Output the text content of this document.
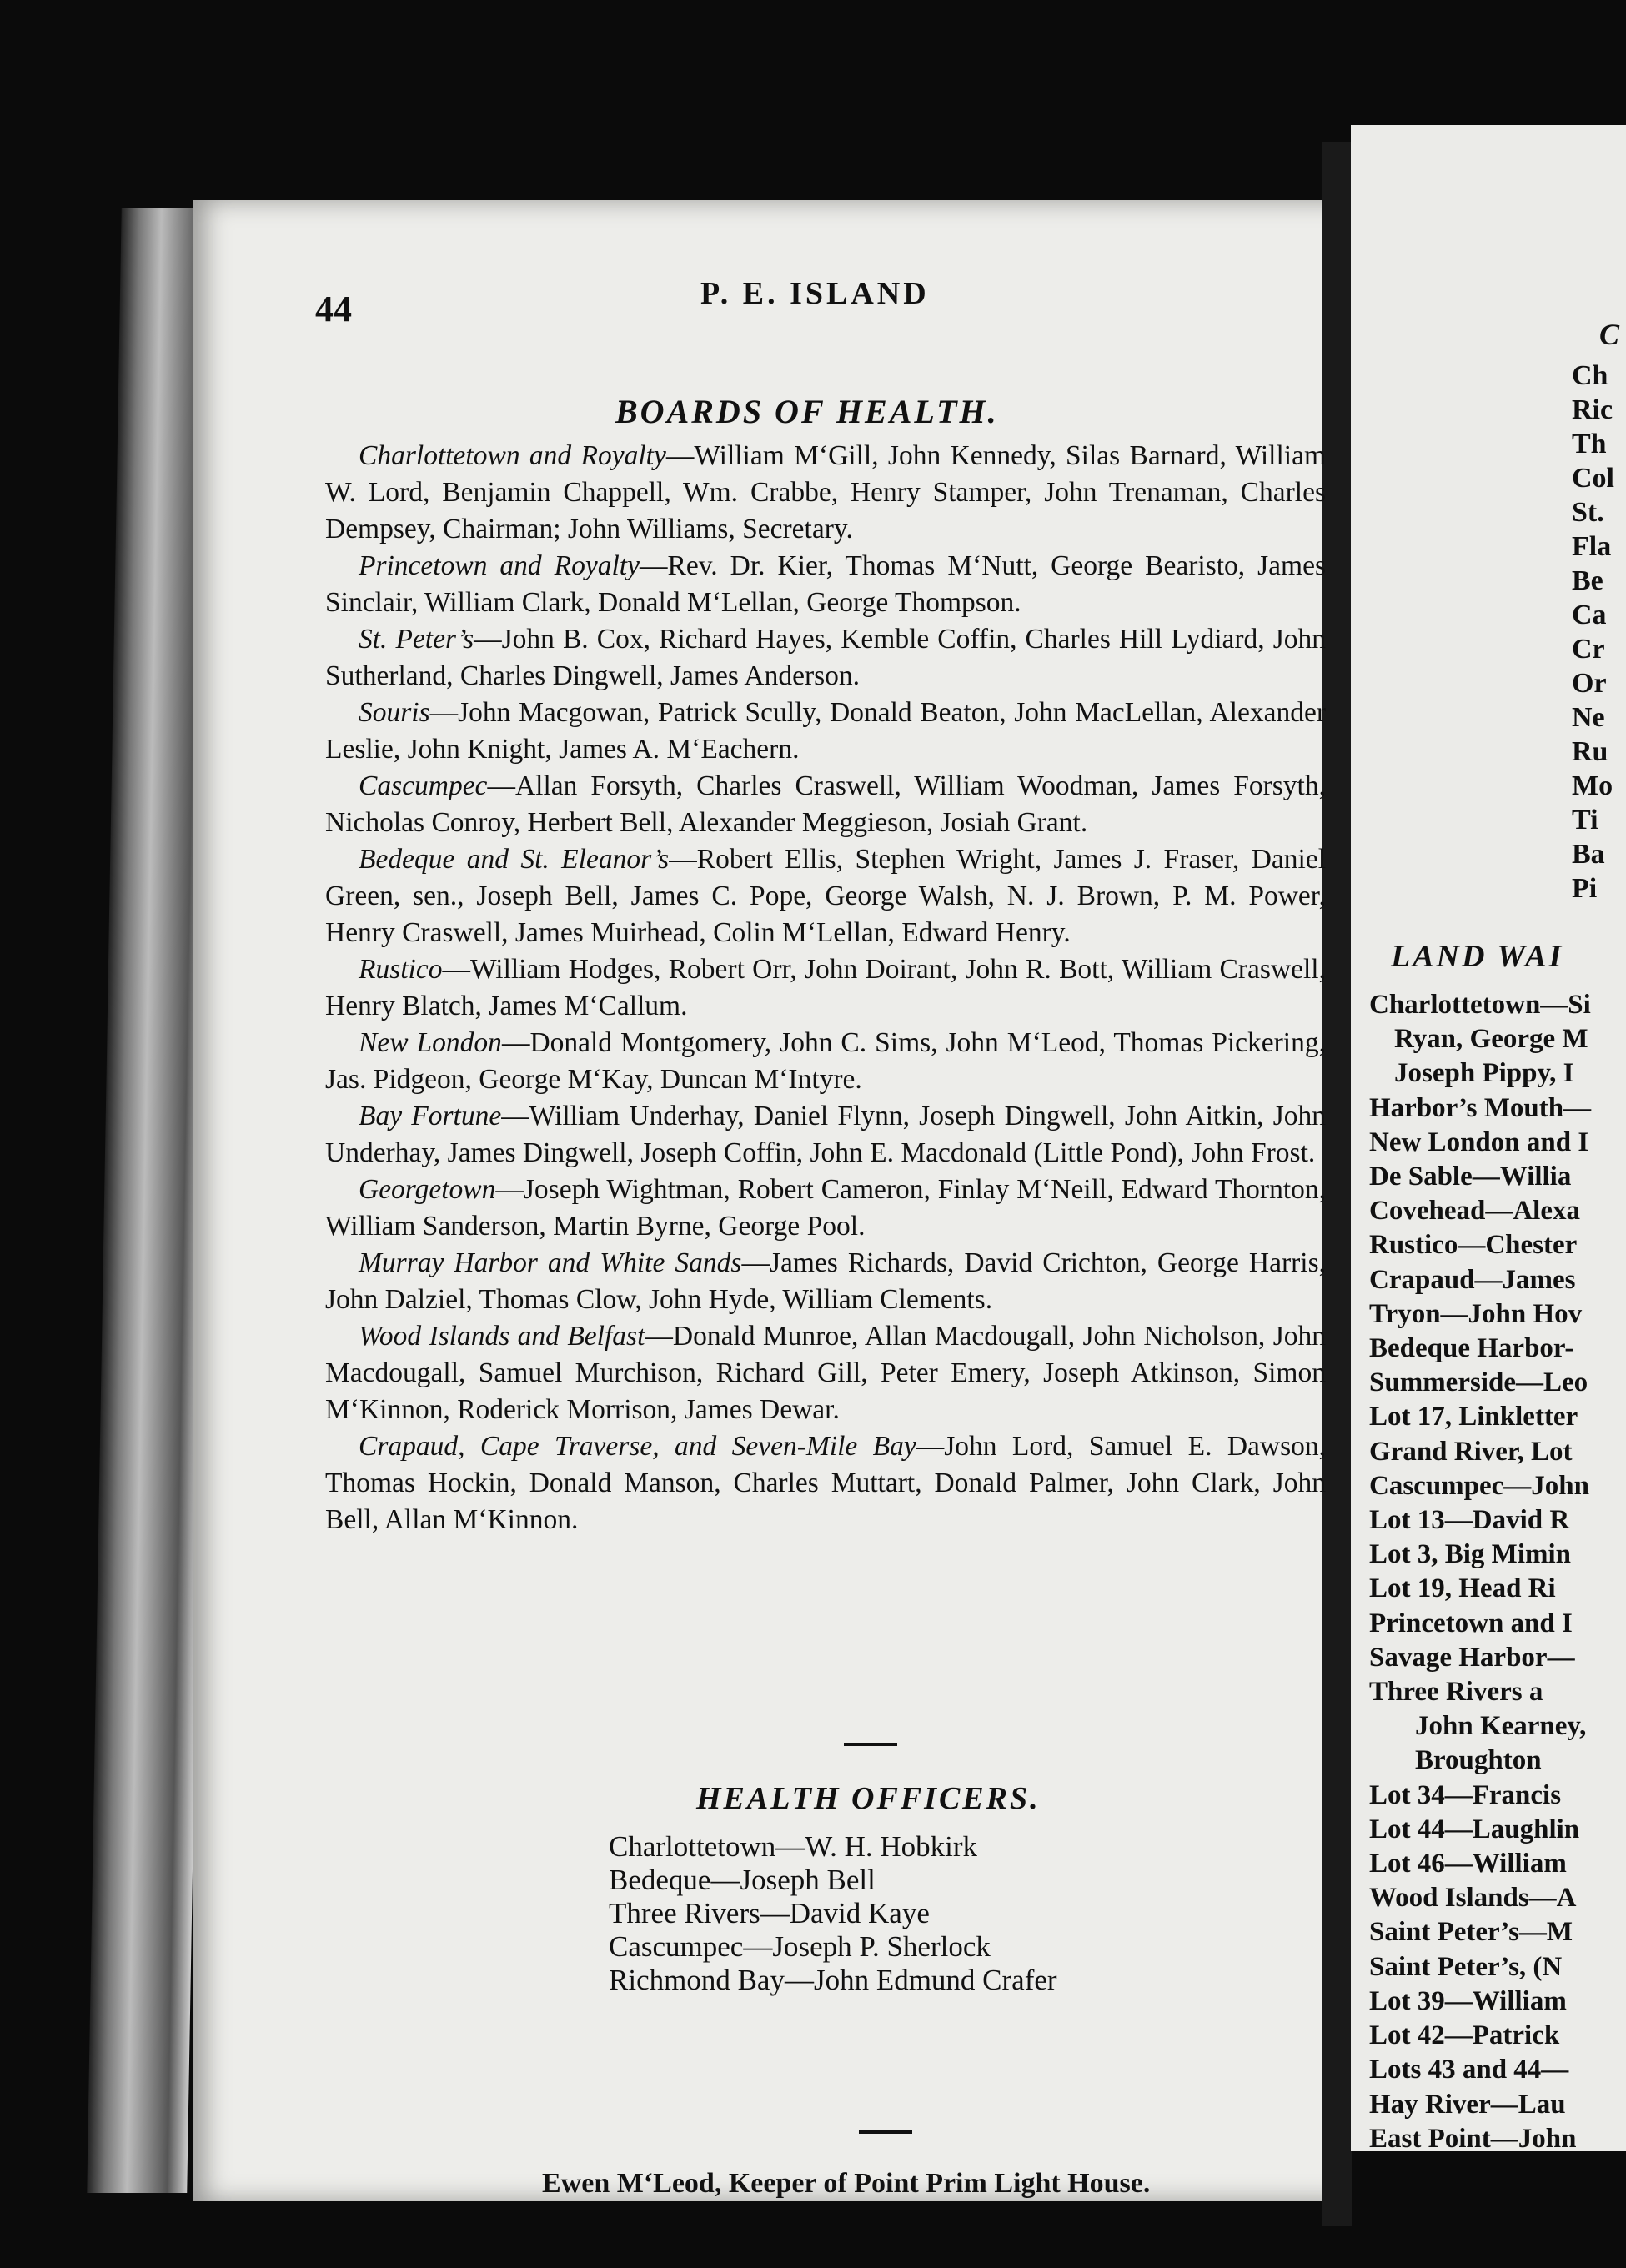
44	P. E. ISLAND
BOARDS OF HEALTH.

Charlottetown and Royalty—William M‘Gill, John Kennedy, Silas Barnard, William W. Lord, Benjamin Chappell, Wm. Crabbe, Henry Stamper, John Trenaman, Charles Dempsey, Chairman; John Williams, Secretary.

Princetown and Royalty—Rev. Dr. Kier, Thomas M‘Nutt, George Bearisto, James Sinclair, William Clark, Donald M‘Lellan, George Thompson.

St. Peter’s—John B. Cox, Richard Hayes, Kemble Coffin, Charles Hill Lydiard, John Sutherland, Charles Dingwell, James Anderson.

Souris—John Macgowan, Patrick Scully, Donald Beaton, John MacLellan, Alexander Leslie, John Knight, James A. M‘Eachern.

Cascumpec—Allan Forsyth, Charles Craswell, William Woodman, James Forsyth, Nicholas Conroy, Herbert Bell, Alexander Meggieson, Josiah Grant.

Bedeque and St. Eleanor’s—Robert Ellis, Stephen Wright, James J. Fraser, Daniel Green, sen., Joseph Bell, James C. Pope, George Walsh, N. J. Brown, P. M. Power, Henry Craswell, James Muirhead, Colin M‘Lellan, Edward Henry.

Rustico—William Hodges, Robert Orr, John Doirant, John R. Bott, William Craswell, Henry Blatch, James M‘Callum.

New London—Donald Montgomery, John C. Sims, John M‘Leod, Thomas Pickering, Jas. Pidgeon, George M‘Kay, Duncan M‘Intyre.

Bay Fortune—William Underhay, Daniel Flynn, Joseph Dingwell, John Aitkin, John Underhay, James Dingwell, Joseph Coffin, John E. Macdonald (Little Pond), John Frost.

Georgetown—Joseph Wightman, Robert Cameron, Finlay M‘Neill, Edward Thornton, William Sanderson, Martin Byrne, George Pool.

Murray Harbor and White Sands—James Richards, David Crichton, George Harris, John Dalziel, Thomas Clow, John Hyde, William Clements.

Wood Islands and Belfast—Donald Munroe, Allan Macdougall, John Nicholson, John Macdougall, Samuel Murchison, Richard Gill, Peter Emery, Joseph Atkinson, Simon M‘Kinnon, Roderick Morrison, James Dewar.

Crapaud, Cape Traverse, and Seven-Mile Bay—John Lord, Samuel E. Dawson, Thomas Hockin, Donald Manson, Charles Muttart, Donald Palmer, John Clark, John Bell, Allan M‘Kinnon.

HEALTH OFFICERS.
Charlottetown—W. H. Hobkirk
Bedeque—Joseph Bell
Three Rivers—David Kaye
Cascumpec—Joseph P. Sherlock
Richmond Bay—John Edmund Crafer
Ewen M‘Leod, Keeper of Point Prim Light House.
C
Ch
Ric
Th
Col
St.
Fla
Be
Ca
Cr
Or
Ne
Ru
Mo
Ti
Ba
Pi
LAND WAI
Charlottetown—Si
Ryan, George M
Joseph Pippy, I
Harbor’s Mouth—
New London and I
De Sable—Willia
Covehead—Alexa
Rustico—Chester
Crapaud—James
Tryon—John Hov
Bedeque Harbor-
Summerside—Leo
Lot 17, Linkletter
Grand River, Lot
Cascumpec—John
Lot 13—David R
Lot 3, Big Mimin
Lot 19, Head Ri
Princetown and I
Savage Harbor—
Three Rivers a
John Kearney,
Broughton
Lot 34—Francis
Lot 44—Laughlin
Lot 46—William
Wood Islands—A
Saint Peter’s—M
Saint Peter’s, (N
Lot 39—William
Lot 42—Patrick
Lots 43 and 44—
Hay River—Lau
East Point—John
